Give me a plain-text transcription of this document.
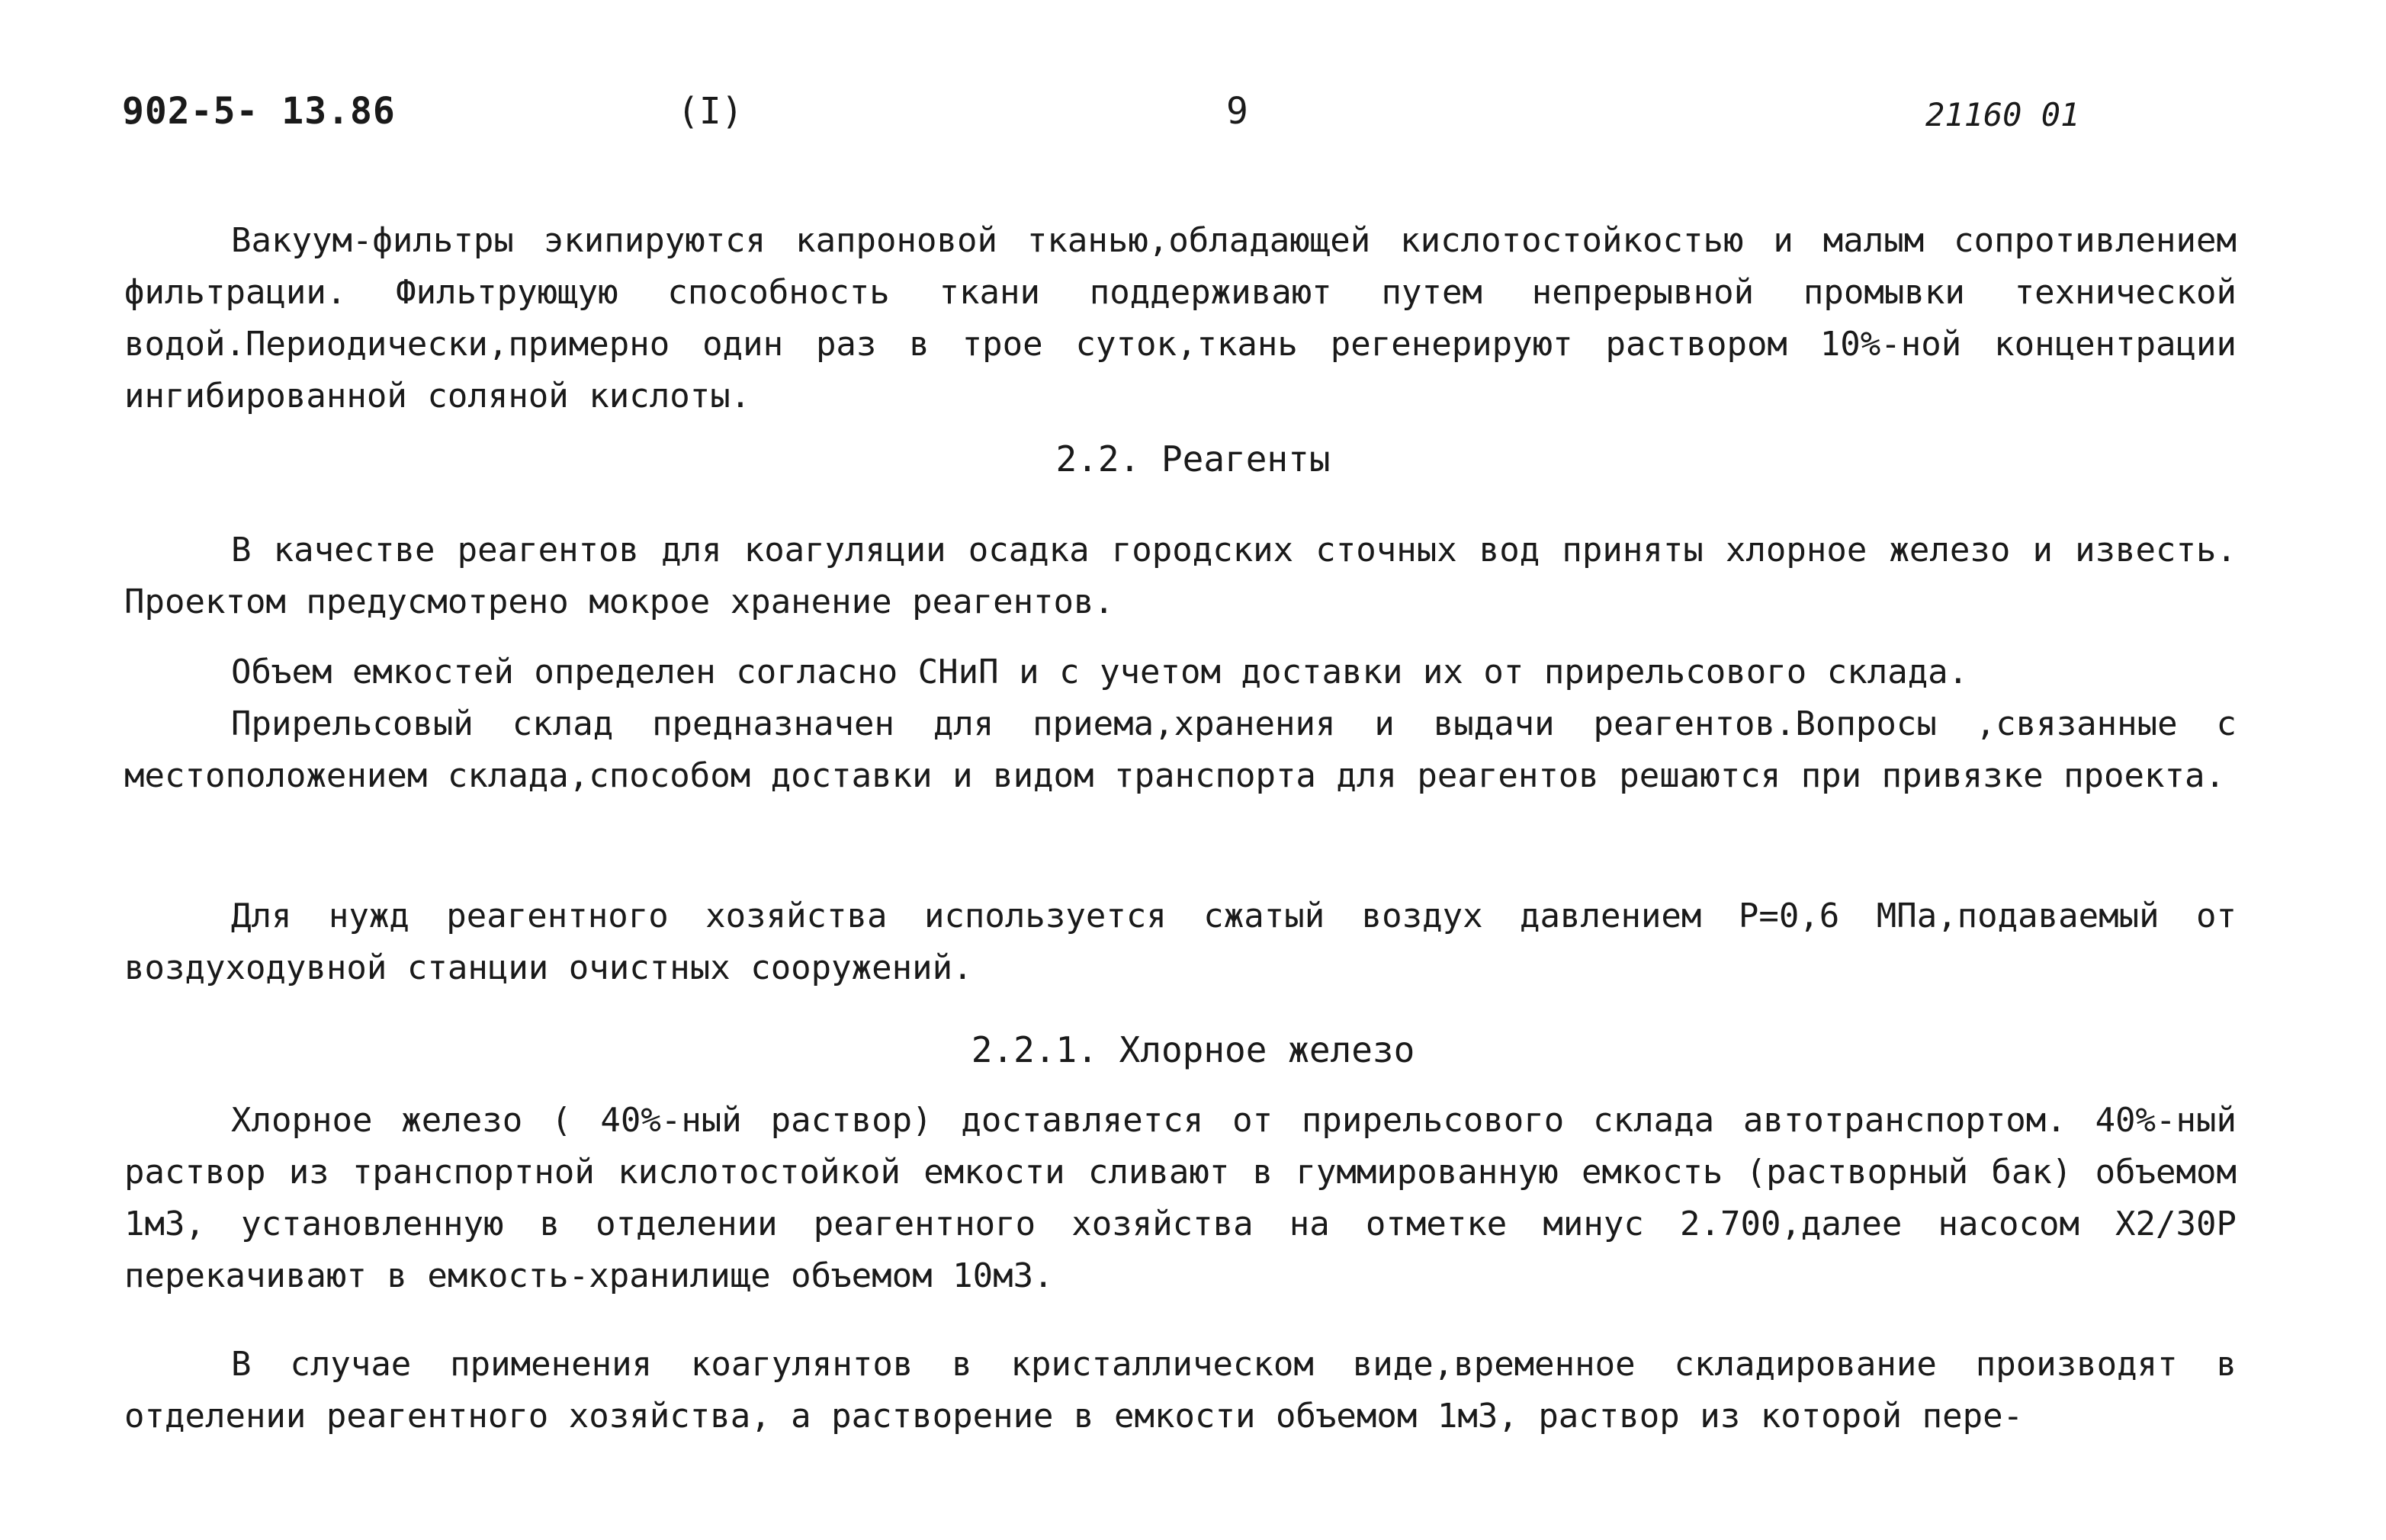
902-5- 13.86	(I)	9	21160 01

Вакуум-фильтры экипируются капроновой тканью,обладающей кислотостойкостью и малым сопротивлением фильтрации. Фильтрующую способность ткани поддерживают путем непрерывной промывки технической водой.Периодически,примерно один раз в трое суток,ткань регенерируют раствором 10%-ной концентрации ингибированной соляной кислоты.

2.2. Реагенты

В качестве реагентов для коагуляции осадка городских сточных вод приняты хлорное железо и известь. Проектом предусмотрено мокрое хранение реагентов.

Объем емкостей определен согласно СНиП и с учетом доставки их от прирельсового склада.

Прирельсовый склад предназначен для приема,хранения и выдачи реагентов.Вопросы ,связанные с местоположением склада,способом доставки и видом транспорта для реагентов решаются при привязке проекта.

Для нужд реагентного хозяйства используется сжатый воздух давлением Р=0,6 МПа,подаваемый от воздуходувной станции очистных сооружений.

2.2.1. Хлорное железо

Хлорное железо ( 40%-ный раствор) доставляется от прирельсового склада автотранспортом. 40%-ный раствор из транспортной кислотостойкой емкости сливают в гуммированную емкость (растворный бак) объемом 1м3, установленную в отделении реагентного хозяйства на отметке минус 2.700,далее насосом X2/30P перекачивают в емкость-хранилище объемом 10м3.

В случае применения коагулянтов в кристаллическом виде,временное складирование производят в отделении реагентного хозяйства, а растворение в емкости объемом 1м3, раствор из которой пере-
